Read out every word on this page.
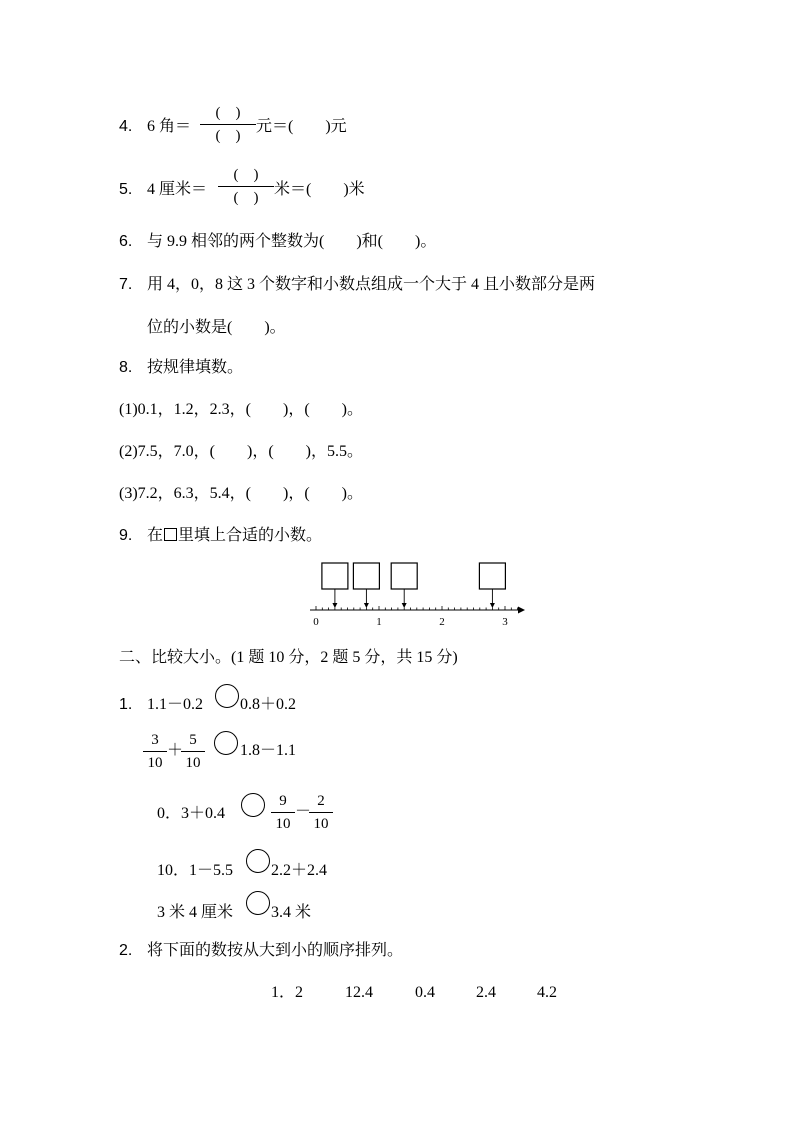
4. 6 角＝
(　)
(　)
元＝(　　)元
5. 4 厘米＝
(　)
(　) 米＝(　　)米
6. 与 9.9 相邻的两个整数为(　　)和(　　)。
7. 用 4，0，8 这 3 个数字和小数点组成一个大于 4 且小数部分是两
位的小数是(　　)。
8. 按规律填数。
(1)0.1，1.2，2.3，(　　)，(　　)。
(2)7.5，7.0，(　　)，(　　)，5.5。
(3)7.2，6.3，5.4，(　　)，(　　)。
9. 在 里填上合适的小数。
0	1	2	3
二、比较大小。(1 题 10 分，2 题 5 分，共 15 分)
1. 1.1－0.2 0.8＋0.2
3
10
＋
5
10
1.8－1.1
0．3＋0.4
9
10
－
2
10
10．1－5.5 2.2＋2.4
3 米 4 厘米 3.4 米
2. 将下面的数按从大到小的顺序排列。
1．2	12.4	0.4	2.4	4.2
